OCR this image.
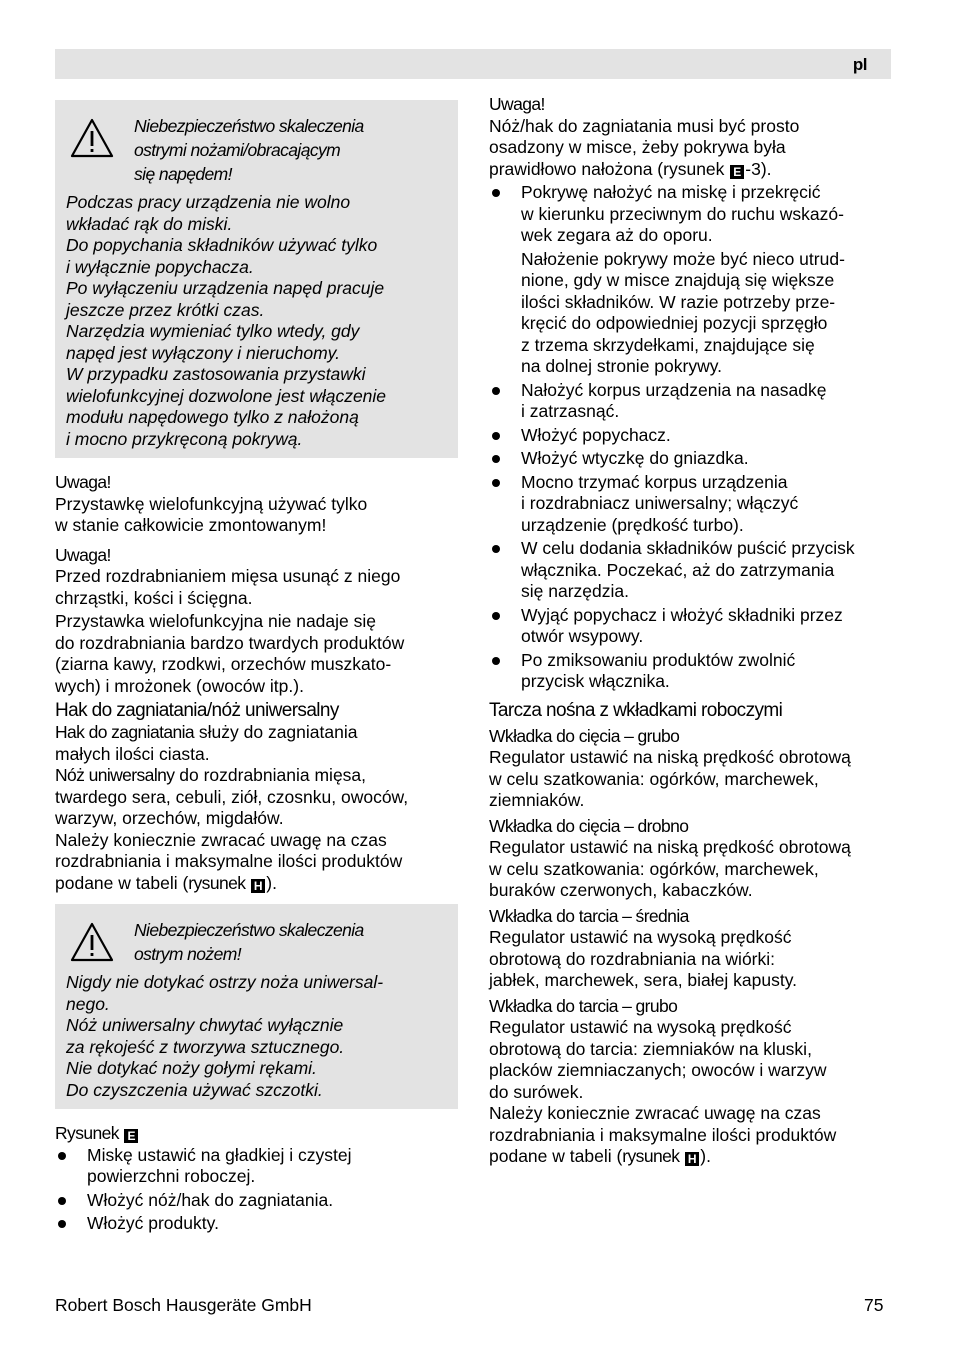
pl
Niebezpieczeństwo skaleczenia
ostrymi nożami/obracającym
się napędem!
Podczas pracy urządzenia nie wolno
wkładać rąk do miski.
Do popychania składników używać tylko
i wyłącznie popychacza.
Po wyłączeniu urządzenia napęd pracuje
jeszcze przez krótki czas.
Narzędzia wymieniać tylko wtedy, gdy
napęd jest wyłączony i nieruchomy.
W przypadku zastosowania przystawki
wielofunkcyjnej dozwolone jest włączenie
modułu napędowego tylko z nałożoną
i mocno przykręconą pokrywą.
Uwaga!

Przystawkę wielofunkcyjną używać tylko
w stanie całkowicie zmontowanym!

Uwaga!

Przed rozdrabnianiem mięsa usunąć z niego
chrząstki, kości i ścięgna.

Przystawka wielofunkcyjna nie nadaje się
do rozdrabniania bardzo twardych produktów
(ziarna kawy, rzodkwi, orzechów muszkato-
wych) i mrożonek (owoców itp.).

Hak do zagniatania/nóż uniwersalny

Hak do zagniatania służy do zagniatania
małych ilości ciasta.
Nóż uniwersalny do rozdrabniania mięsa,
twardego sera, cebuli, ziół, czosnku, owoców,
warzyw, orzechów, migdałów.
Należy koniecznie zwracać uwagę na czas
rozdrabniania i maksymalne ilości produktów
podane w tabeli (rysunek H ).

Niebezpieczeństwo skaleczenia
ostrym nożem!
Nigdy nie dotykać ostrzy noża uniwersal-
nego.
Nóż uniwersalny chwytać wyłącznie
za rękojeść z tworzywa sztucznego.
Nie dotykać noży gołymi rękami.
Do czyszczenia używać szczotki.
Rysunek E
Miskę ustawić na gładkiej i czystej
powierzchni roboczej.
Włożyć nóż/hak do zagniatania.
Włożyć produkty.
Uwaga!

Nóż/hak do zagniatania musi być prosto
osadzony w misce, żeby pokrywa była
prawidłowo nałożona (rysunek E -3).

Pokrywę nałożyć na miskę i przekręcić
w kierunku przeciwnym do ruchu wskazó-
wek zegara aż do oporu.
Nałożenie pokrywy może być nieco utrud-
nione, gdy w misce znajdują się większe
ilości składników. W razie potrzeby prze-
kręcić do odpowiedniej pozycji sprzęgło
z trzema skrzydełkami, znajdujące się
na dolnej stronie pokrywy.
Nałożyć korpus urządzenia na nasadkę
i zatrzasnąć.
Włożyć popychacz.
Włożyć wtyczkę do gniazdka.
Mocno trzymać korpus urządzenia
i rozdrabniacz uniwersalny; włączyć
urządzenie (prędkość turbo).
W celu dodania składników puścić przycisk
włącznika. Poczekać, aż do zatrzymania
się narzędzia.
Wyjąć popychacz i włożyć składniki przez
otwór wsypowy.
Po zmiksowaniu produktów zwolnić
przycisk włącznika.
Tarcza nośna z wkładkami roboczymi
Wkładka do cięcia – grubo

Regulator ustawić na niską prędkość obrotową
w celu szatkowania: ogórków, marchewek,
ziemniaków.

Wkładka do cięcia – drobno

Regulator ustawić na niską prędkość obrotową
w celu szatkowania: ogórków, marchewek,
buraków czerwonych, kabaczków.

Wkładka do tarcia – średnia

Regulator ustawić na wysoką prędkość
obrotową do rozdrabniania na wiórki:
jabłek, marchewek, sera, białej kapusty.

Wkładka do tarcia – grubo

Regulator ustawić na wysoką prędkość
obrotową do tarcia: ziemniaków na kluski,
placków ziemniaczanych; owoców i warzyw
do surówek.
Należy koniecznie zwracać uwagę na czas
rozdrabniania i maksymalne ilości produktów
podane w tabeli (rysunek H ).

Robert Bosch Hausgeräte GmbH	75
